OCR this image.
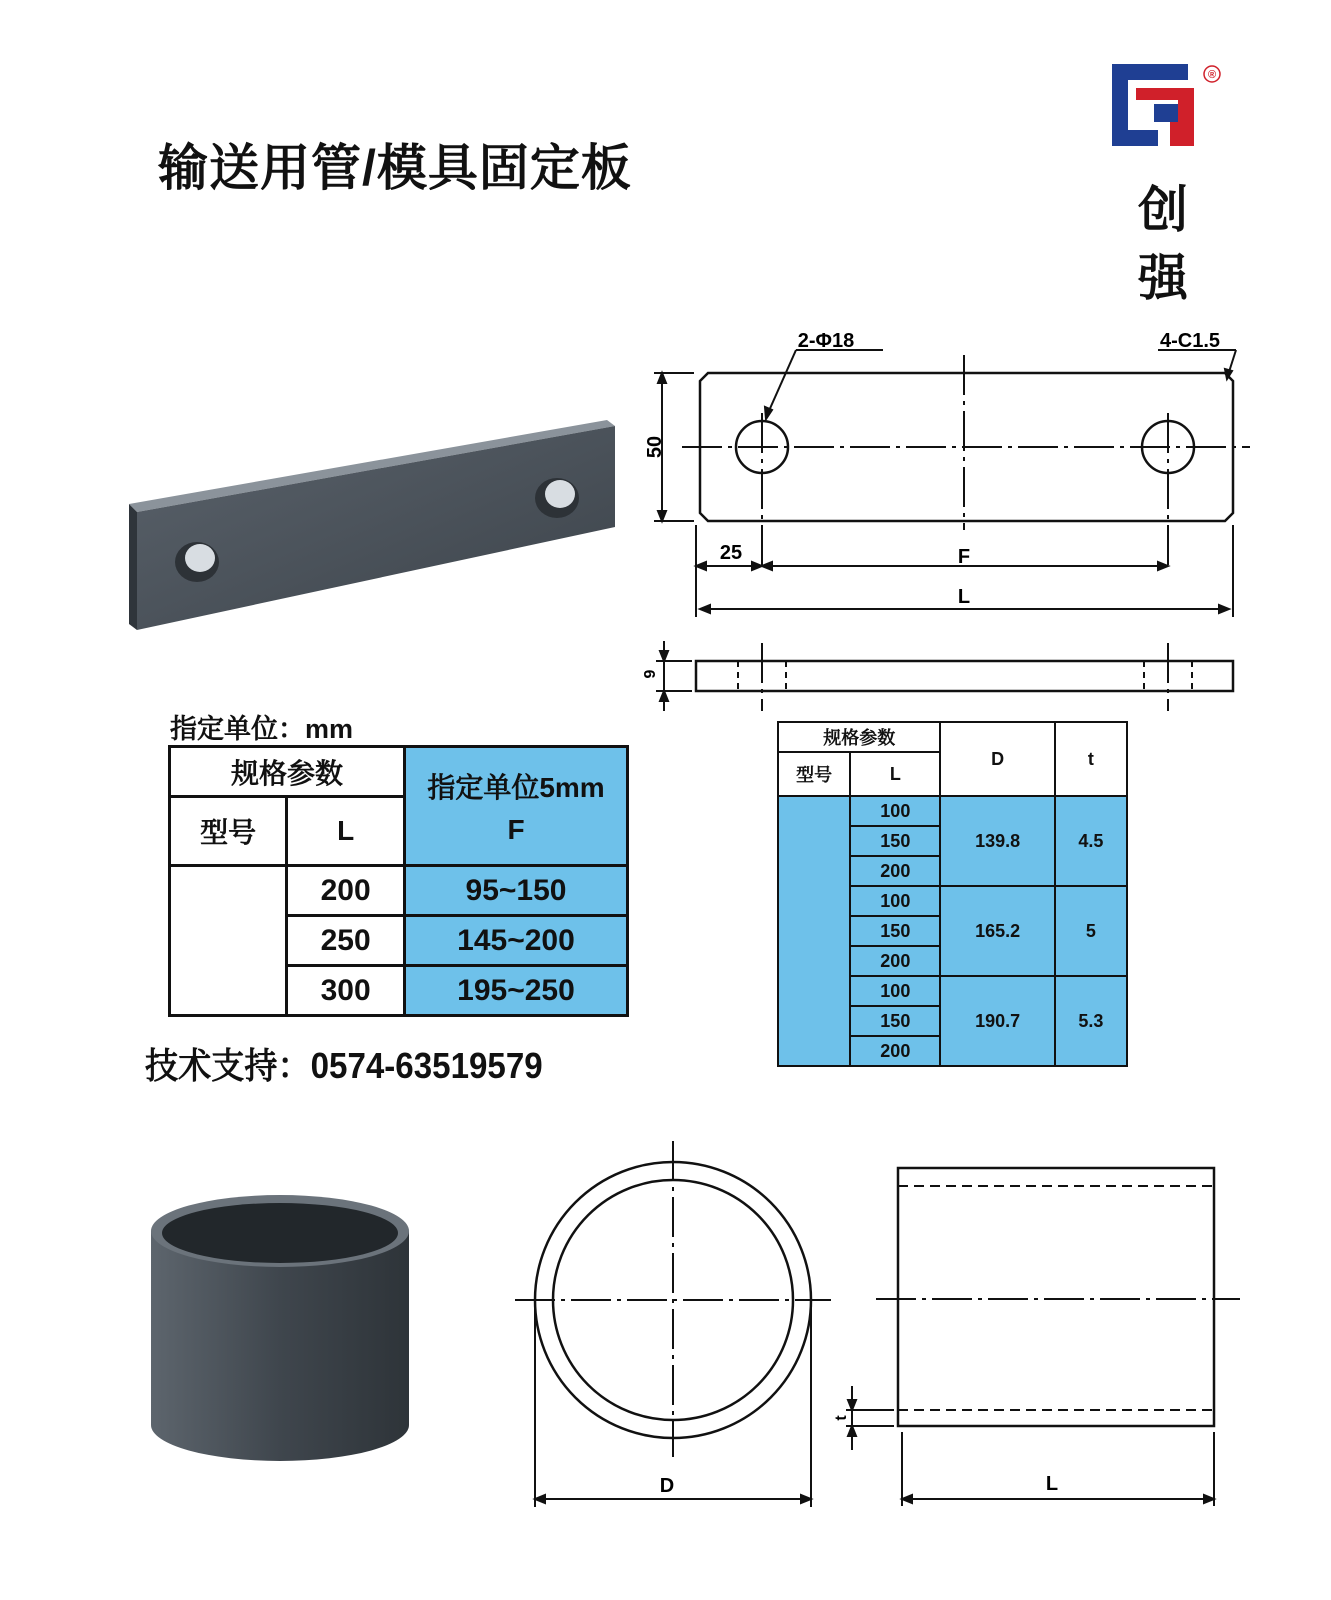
输送用管/模具固定板
®
创
强
50
25	F
L
2-Φ18	4-C1.5
9
指定单位：mm
规格参数		指定单位5mm
F

型号	L	
	200	95~150
	250	145~200
	300	195~250
技术支持：0574-63519579
规格参数		D	t
型号	L		
	100	139.8	4.5
	150		
	200		
	100	165.2	5
	150		
	200		
	100	190.7	5.3
	150		
	200		
D
t
L
